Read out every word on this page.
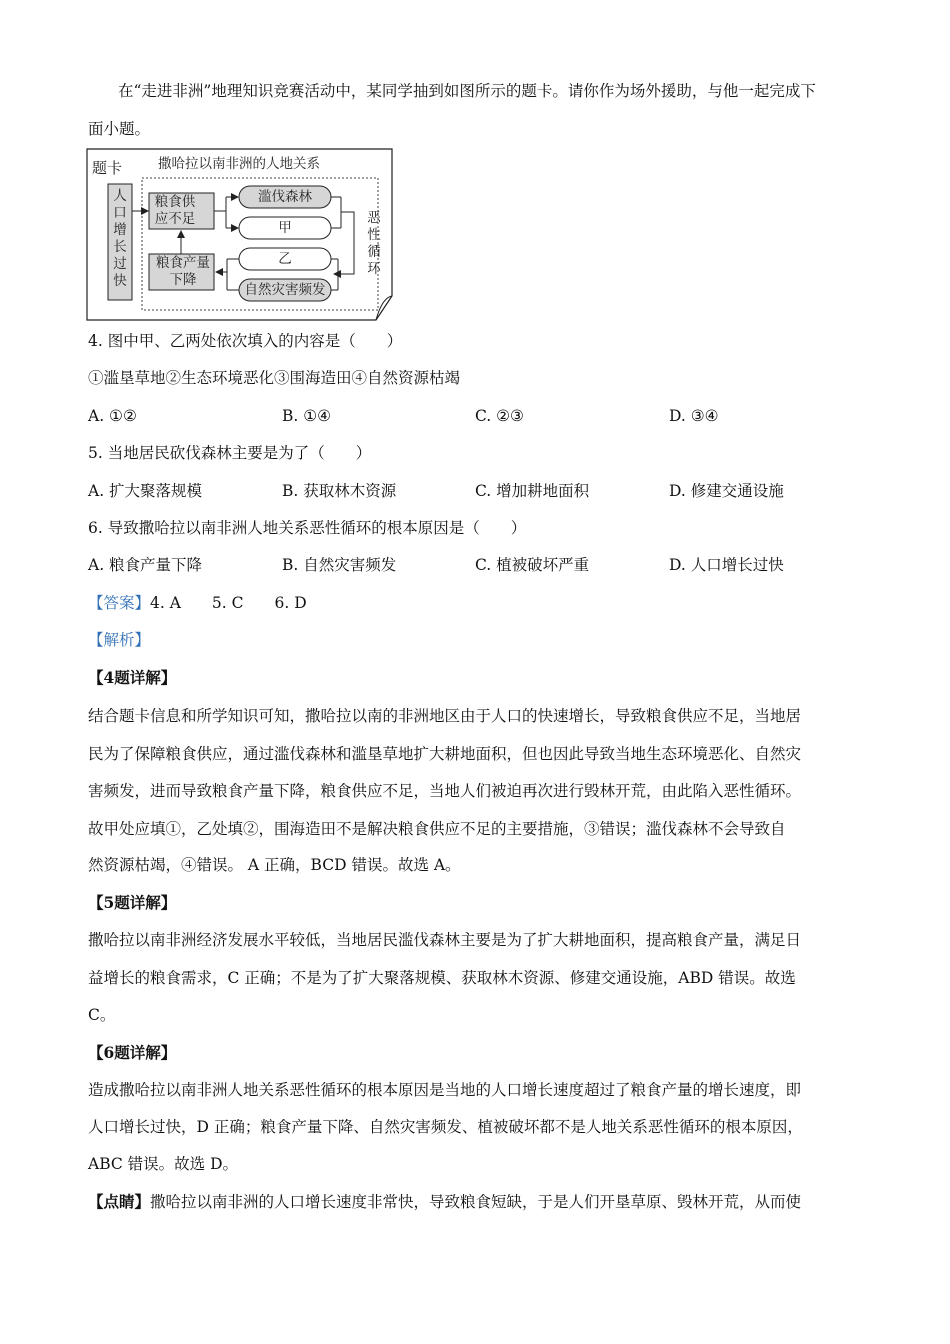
在“走进非洲”地理知识竞赛活动中，某同学抽到如图所示的题卡。请你作为场外援助，与他一起完成下
面小题。
题卡	撒哈拉以南非洲的人地关系
人口增长过快
粮食供应不足
粮食产量下降
滥伐森林
甲
乙
自然灾害频发
恶性循环
4. 图中甲、乙两处依次填入的内容是（　　）
①滥垦草地②生态环境恶化③围海造田④自然资源枯竭
A. ①②	B. ①④	C. ②③	D. ③④
5. 当地居民砍伐森林主要是为了（　　）
A. 扩大聚落规模	B. 获取林木资源	C. 增加耕地面积	D. 修建交通设施
6. 导致撒哈拉以南非洲人地关系恶性循环的根本原因是（　　）
A. 粮食产量下降	B. 自然灾害频发	C. 植被破坏严重	D. 人口增长过快
【答案】4. A　　5. C　　6. D
【解析】
【4题详解】
结合题卡信息和所学知识可知，撒哈拉以南的非洲地区由于人口的快速增长，导致粮食供应不足，当地居
民为了保障粮食供应，通过滥伐森林和滥垦草地扩大耕地面积，但也因此导致当地生态环境恶化、自然灾
害频发，进而导致粮食产量下降，粮食供应不足，当地人们被迫再次进行毁林开荒，由此陷入恶性循环。
故甲处应填①，乙处填②，围海造田不是解决粮食供应不足的主要措施，③错误；滥伐森林不会导致自
然资源枯竭，④错误。 A 正确，BCD 错误。故选 A。
【5题详解】
撒哈拉以南非洲经济发展水平较低，当地居民滥伐森林主要是为了扩大耕地面积，提高粮食产量，满足日
益增长的粮食需求，C 正确；不是为了扩大聚落规模、获取林木资源、修建交通设施，ABD 错误。故选
C。
【6题详解】
造成撒哈拉以南非洲人地关系恶性循环的根本原因是当地的人口增长速度超过了粮食产量的增长速度，即
人口增长过快，D 正确；粮食产量下降、自然灾害频发、植被破坏都不是人地关系恶性循环的根本原因，
ABC 错误。故选 D。
【点睛】撒哈拉以南非洲的人口增长速度非常快，导致粮食短缺，于是人们开垦草原、毁林开荒，从而使
